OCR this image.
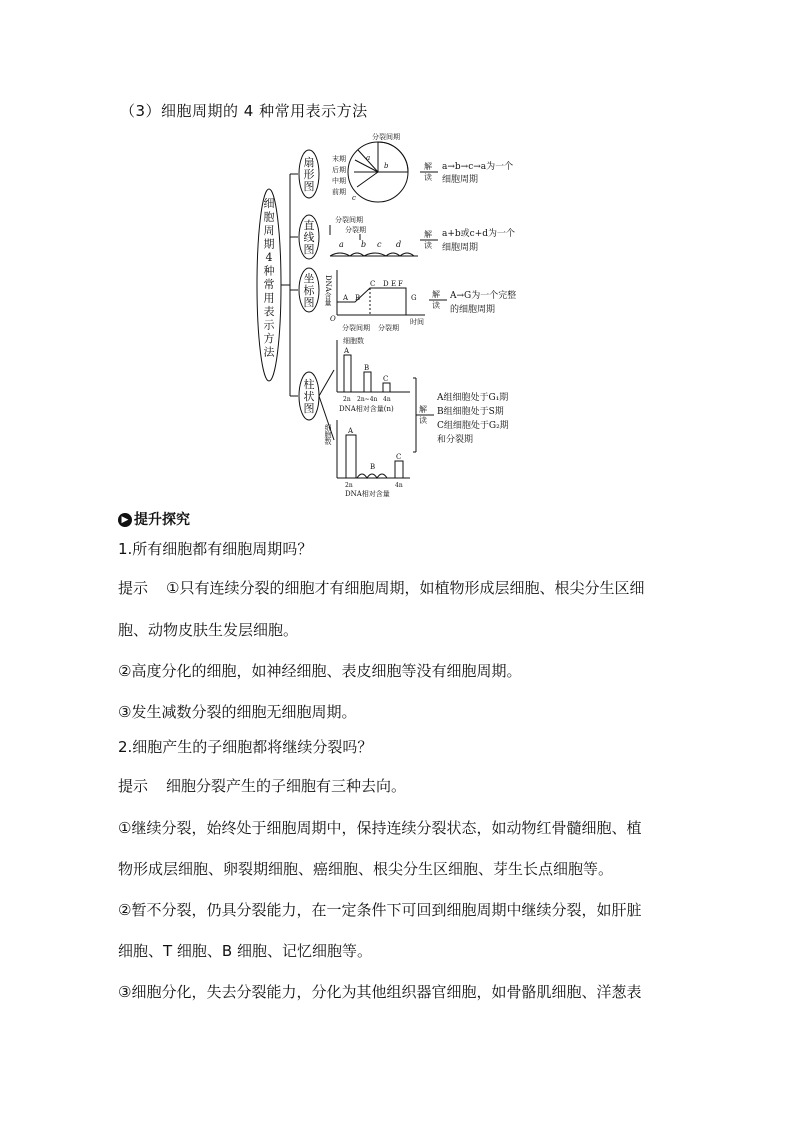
（3）细胞周期的 4 种常用表示方法
细胞周期 4 种常用表示方法
扇形图
直线图
坐标图
柱状图
分裂间期
末期
后期
中期
前期
a
b
c
解读
a→b→c→a为一个
细胞周期
分裂间期
分裂期
a b c d
解读
a+b或c+d为一个
细胞周期
DNA含量
O
A B
C D E F
G
分裂间期 分裂期
时间
解读
A→G为一个完整
的细胞周期
细胞数
A
B
C
2n 2n~4n 4n
DNA相对含量(n)
细胞数 A
B
C
2n	4n
DNA相对含量
解读
A组细胞处于G₁期
B组细胞处于S期
C组细胞处于G₂期
和分裂期
▶ 提升探究
1.所有细胞都有细胞周期吗？
提示 ①只有连续分裂的细胞才有细胞周期，如植物形成层细胞、根尖分生区细
胞、动物皮肤生发层细胞。
②高度分化的细胞，如神经细胞、表皮细胞等没有细胞周期。
③发生减数分裂的细胞无细胞周期。
2.细胞产生的子细胞都将继续分裂吗？
提示 细胞分裂产生的子细胞有三种去向。
①继续分裂，始终处于细胞周期中，保持连续分裂状态，如动物红骨髓细胞、植
物形成层细胞、卵裂期细胞、癌细胞、根尖分生区细胞、芽生长点细胞等。
②暂不分裂，仍具分裂能力，在一定条件下可回到细胞周期中继续分裂，如肝脏
细胞、T 细胞、B 细胞、记忆细胞等。
③细胞分化，失去分裂能力，分化为其他组织器官细胞，如骨骼肌细胞、洋葱表
